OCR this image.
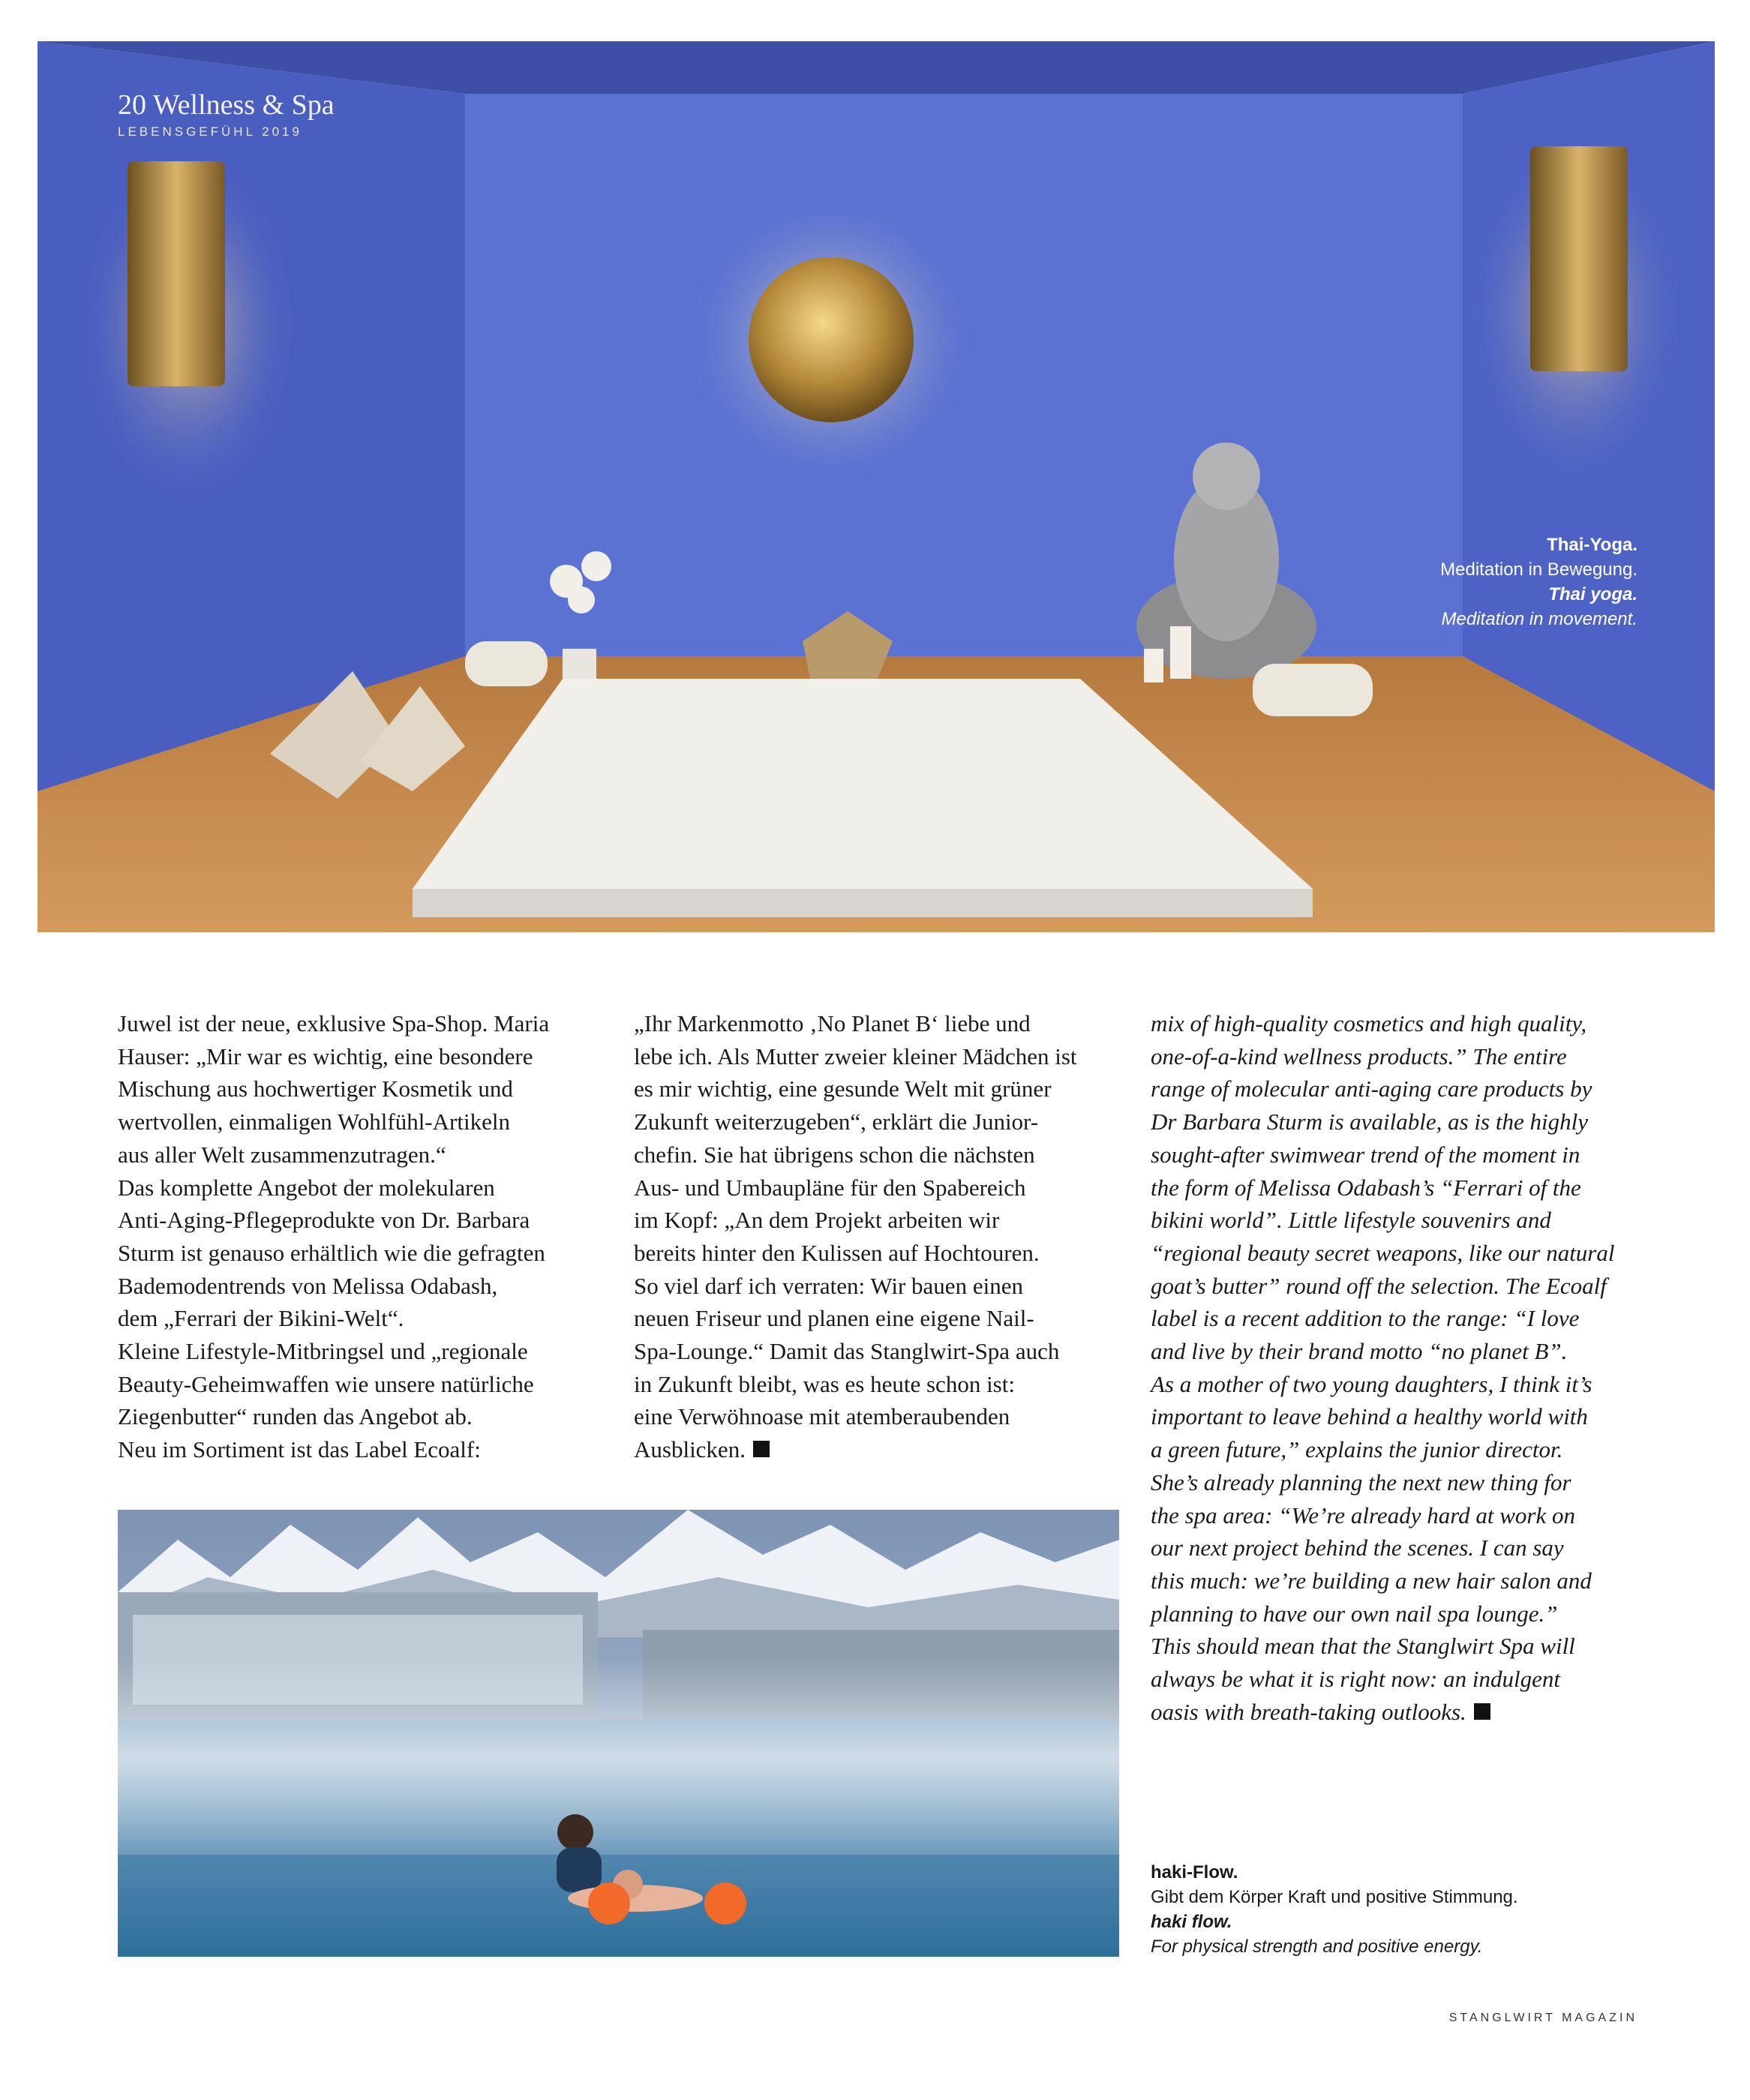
20 Wellness & Spa
LEBENSGEFÜHL 2019
Thai-Yoga.
Meditation in Bewegung.
Thai yoga.
Meditation in movement.
Juwel ist der neue, exklusive Spa-Shop. Maria
Hauser: „Mir war es wichtig, eine besondere
Mischung aus hochwertiger Kosmetik und
wertvollen, einmaligen Wohlfühl-Artikeln
aus aller Welt zusammenzutragen.“
Das komplette Angebot der molekularen
Anti-Aging-Pflegeprodukte von Dr. Barbara
Sturm ist genauso erhältlich wie die gefragten
Bademodentrends von Melissa Odabash,
dem „Ferrari der Bikini-Welt“.
Kleine Lifestyle-Mitbringsel und „regionale
Beauty-Geheimwaffen wie unsere natürliche
Ziegenbutter“ runden das Angebot ab.
Neu im Sortiment ist das Label Ecoalf:
„Ihr Markenmotto ‚No Planet B‘ liebe und
lebe ich. Als Mutter zweier kleiner Mädchen ist
es mir wichtig, eine gesunde Welt mit grüner
Zukunft weiterzugeben“, erklärt die Junior-
chefin. Sie hat übrigens schon die nächsten
Aus- und Umbaupläne für den Spabereich
im Kopf: „An dem Projekt arbeiten wir
bereits hinter den Kulissen auf Hochtouren.
So viel darf ich verraten: Wir bauen einen
neuen Friseur und planen eine eigene Nail-
Spa-Lounge.“ Damit das Stanglwirt-Spa auch
in Zukunft bleibt, was es heute schon ist:
eine Verwöhnoase mit atemberaubenden
Ausblicken.
mix of high-quality cosmetics and high quality,
one-of-a-kind wellness products.” The entire
range of molecular anti-aging care products by
Dr Barbara Sturm is available, as is the highly
sought-after swimwear trend of the moment in
the form of Melissa Odabash’s “Ferrari of the
bikini world”. Little lifestyle souvenirs and
“regional beauty secret weapons, like our natural
goat’s butter” round off the selection. The Ecoalf
label is a recent addition to the range: “I love
and live by their brand motto “no planet B”.
As a mother of two young daughters, I think it’s
important to leave behind a healthy world with
a green future,” explains the junior director.
She’s already planning the next new thing for
the spa area: “We’re already hard at work on
our next project behind the scenes. I can say
this much: we’re building a new hair salon and
planning to have our own nail spa lounge.”
This should mean that the Stanglwirt Spa will
always be what it is right now: an indulgent
oasis with breath-taking outlooks.
haki-Flow.
Gibt dem Körper Kraft und positive Stimmung.
haki flow.
For physical strength and positive energy.
STANGLWIRT MAGAZIN
